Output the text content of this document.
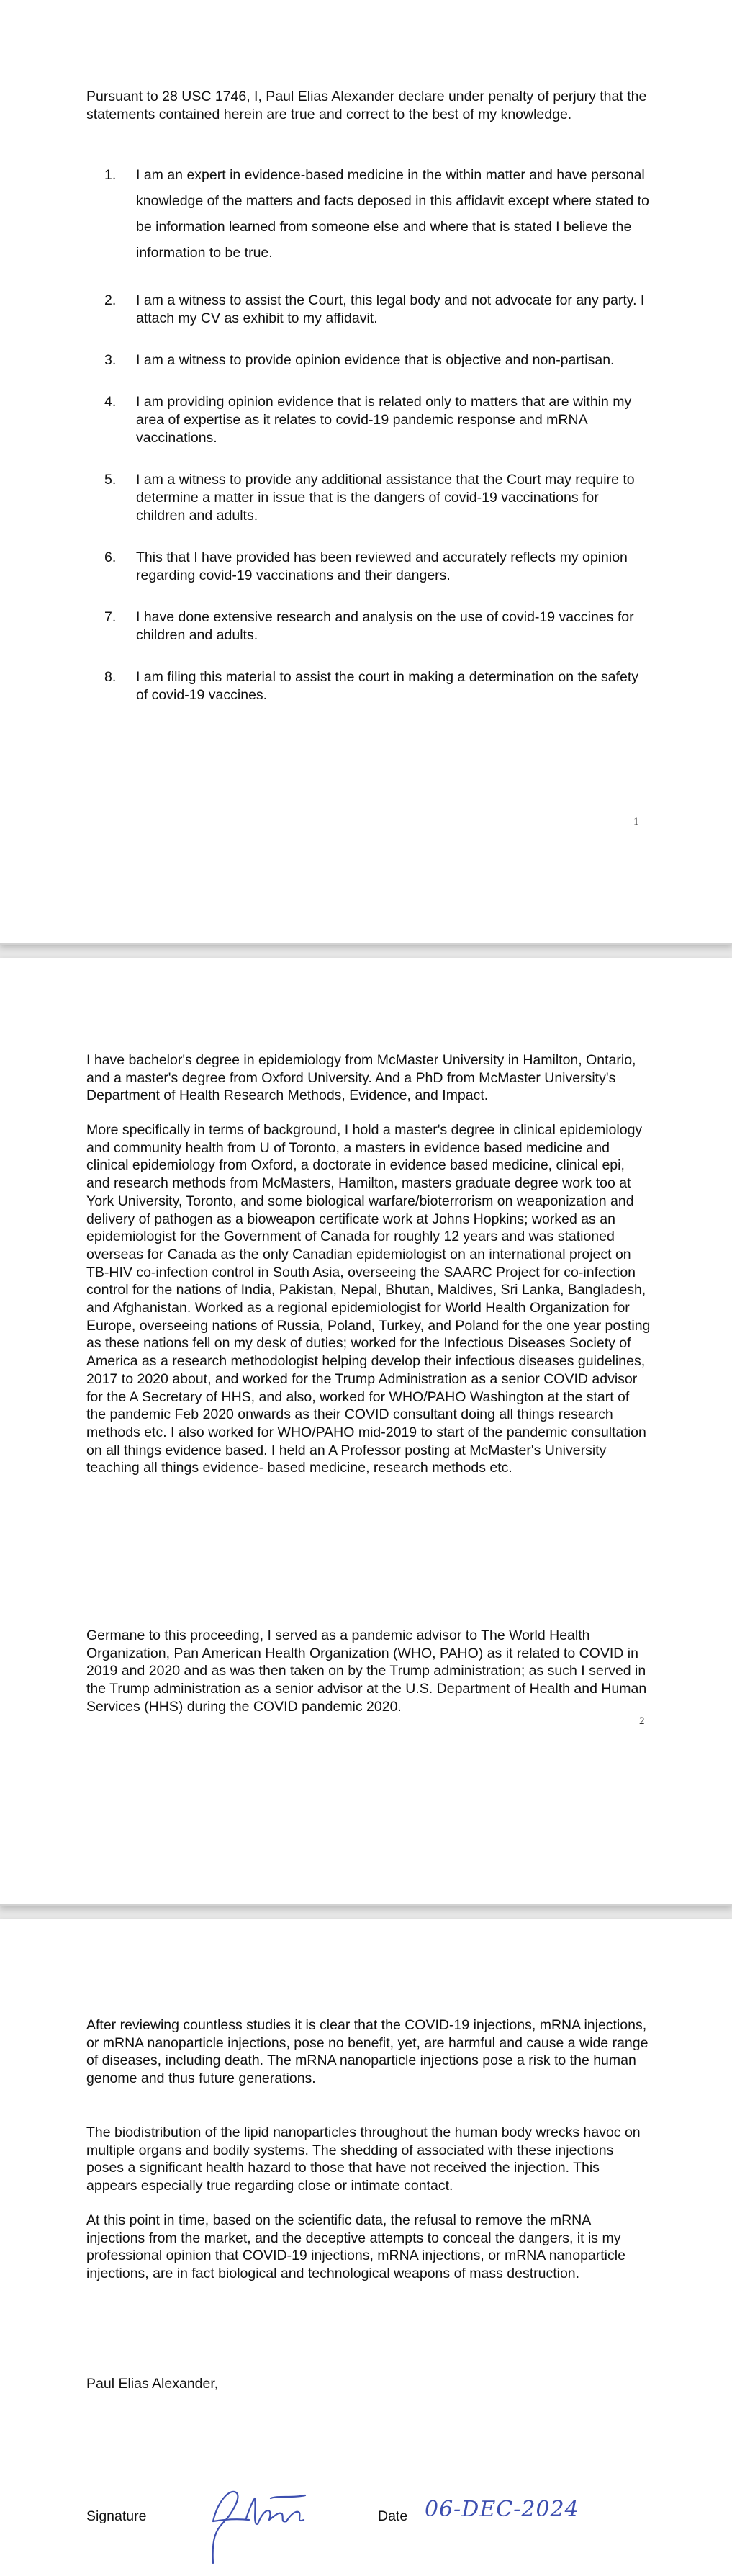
Pursuant to 28 USC 1746, I, Paul Elias Alexander declare under penalty of perjury that the statements contained herein are true and correct to the best of my knowledge.
1.	I am an expert in evidence-based medicine in the within matter and have personal knowledge of the matters and facts deposed in this affidavit except where stated to be information learned from someone else and where that is stated I believe the information to be true.
2.	I am a witness to assist the Court, this legal body and not advocate for any party. I attach my CV as exhibit to my affidavit.
3.	I am a witness to provide opinion evidence that is objective and non-partisan.
4.	I am providing opinion evidence that is related only to matters that are within my area of expertise as it relates to covid-19 pandemic response and mRNA vaccinations.
5.	I am a witness to provide any additional assistance that the Court may require to determine a matter in issue that is the dangers of covid-19 vaccinations for children and adults.
6.	This that I have provided has been reviewed and accurately reflects my opinion regarding covid-19 vaccinations and their dangers.
7.	I have done extensive research and analysis on the use of covid-19 vaccines for children and adults.
8.	I am filing this material to assist the court in making a determination on the safety of covid-19 vaccines.
1
I have bachelor's degree in epidemiology from McMaster University in Hamilton, Ontario, and a master's degree from Oxford University. And a PhD from McMaster University's Department of Health Research Methods, Evidence, and Impact.
More specifically in terms of background, I hold a master's degree in clinical epidemiology and community health from U of Toronto, a masters in evidence based medicine and clinical epidemiology from Oxford, a doctorate in evidence based medicine, clinical epi, and research methods from McMasters, Hamilton, masters graduate degree work too at York University, Toronto, and some biological warfare/bioterrorism on weaponization and delivery of pathogen as a bioweapon certificate work at Johns Hopkins; worked as an epidemiologist for the Government of Canada for roughly 12 years and was stationed overseas for Canada as the only Canadian epidemiologist on an international project on TB-HIV co-infection control in South Asia, overseeing the SAARC Project for co-infection control for the nations of India, Pakistan, Nepal, Bhutan, Maldives, Sri Lanka, Bangladesh, and Afghanistan. Worked as a regional epidemiologist for World Health Organization for Europe, overseeing nations of Russia, Poland, Turkey, and Poland for the one year posting as these nations fell on my desk of duties; worked for the Infectious Diseases Society of America as a research methodologist helping develop their infectious diseases guidelines, 2017 to 2020 about, and worked for the Trump Administration as a senior COVID advisor for the A Secretary of HHS, and also, worked for WHO/PAHO Washington at the start of the pandemic Feb 2020 onwards as their COVID consultant doing all things research methods etc. I also worked for WHO/PAHO mid-2019 to start of the pandemic consultation on all things evidence based. I held an A Professor posting at McMaster's University teaching all things evidence- based medicine, research methods etc.
Germane to this proceeding, I served as a pandemic advisor to The World Health Organization, Pan American Health Organization (WHO, PAHO) as it related to COVID in 2019 and 2020 and as was then taken on by the Trump administration; as such I served in the Trump administration as a senior advisor at the U.S. Department of Health and Human Services (HHS) during the COVID pandemic 2020.
2
After reviewing countless studies it is clear that the COVID-19 injections, mRNA injections, or mRNA nanoparticle injections, pose no benefit, yet, are harmful and cause a wide range of diseases, including death. The mRNA nanoparticle injections pose a risk to the human genome and thus future generations.
The biodistribution of the lipid nanoparticles throughout the human body wrecks havoc on multiple organs and bodily systems. The shedding of associated with these injections poses a significant health hazard to those that have not received the injection. This appears especially true regarding close or intimate contact.
At this point in time, based on the scientific data, the refusal to remove the mRNA injections from the market, and the deceptive attempts to conceal the dangers, it is my professional opinion that COVID-19 injections, mRNA injections, or mRNA nanoparticle injections, are in fact biological and technological weapons of mass destruction.
Paul Elias Alexander,
Signature	Date 06-DEC-2024
